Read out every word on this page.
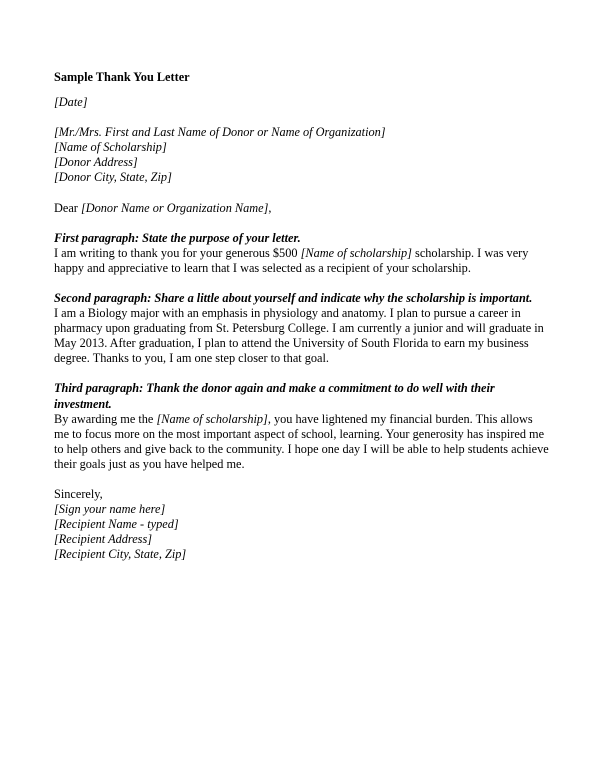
Sample Thank You Letter

[Date]
[Mr./Mrs. First and Last Name of Donor or Name of Organization]
[Name of Scholarship]
[Donor Address]
[Donor City, State, Zip]
Dear [Donor Name or Organization Name],
First paragraph: State the purpose of your letter.
I am writing to thank you for your generous $500 [Name of scholarship] scholarship. I was very
happy and appreciative to learn that I was selected as a recipient of your scholarship.
Second paragraph: Share a little about yourself and indicate why the scholarship is important.
I am a Biology major with an emphasis in physiology and anatomy. I plan to pursue a career in
pharmacy upon graduating from St. Petersburg College. I am currently a junior and will graduate in
May 2013. After graduation, I plan to attend the University of South Florida to earn my business
degree. Thanks to you, I am one step closer to that goal.
Third paragraph: Thank the donor again and make a commitment to do well with their
investment.
By awarding me the [Name of scholarship], you have lightened my financial burden. This allows
me to focus more on the most important aspect of school, learning. Your generosity has inspired me
to help others and give back to the community. I hope one day I will be able to help students achieve
their goals just as you have helped me.
Sincerely,
[Sign your name here]
[Recipient Name - typed]
[Recipient Address]
[Recipient City, State, Zip]
